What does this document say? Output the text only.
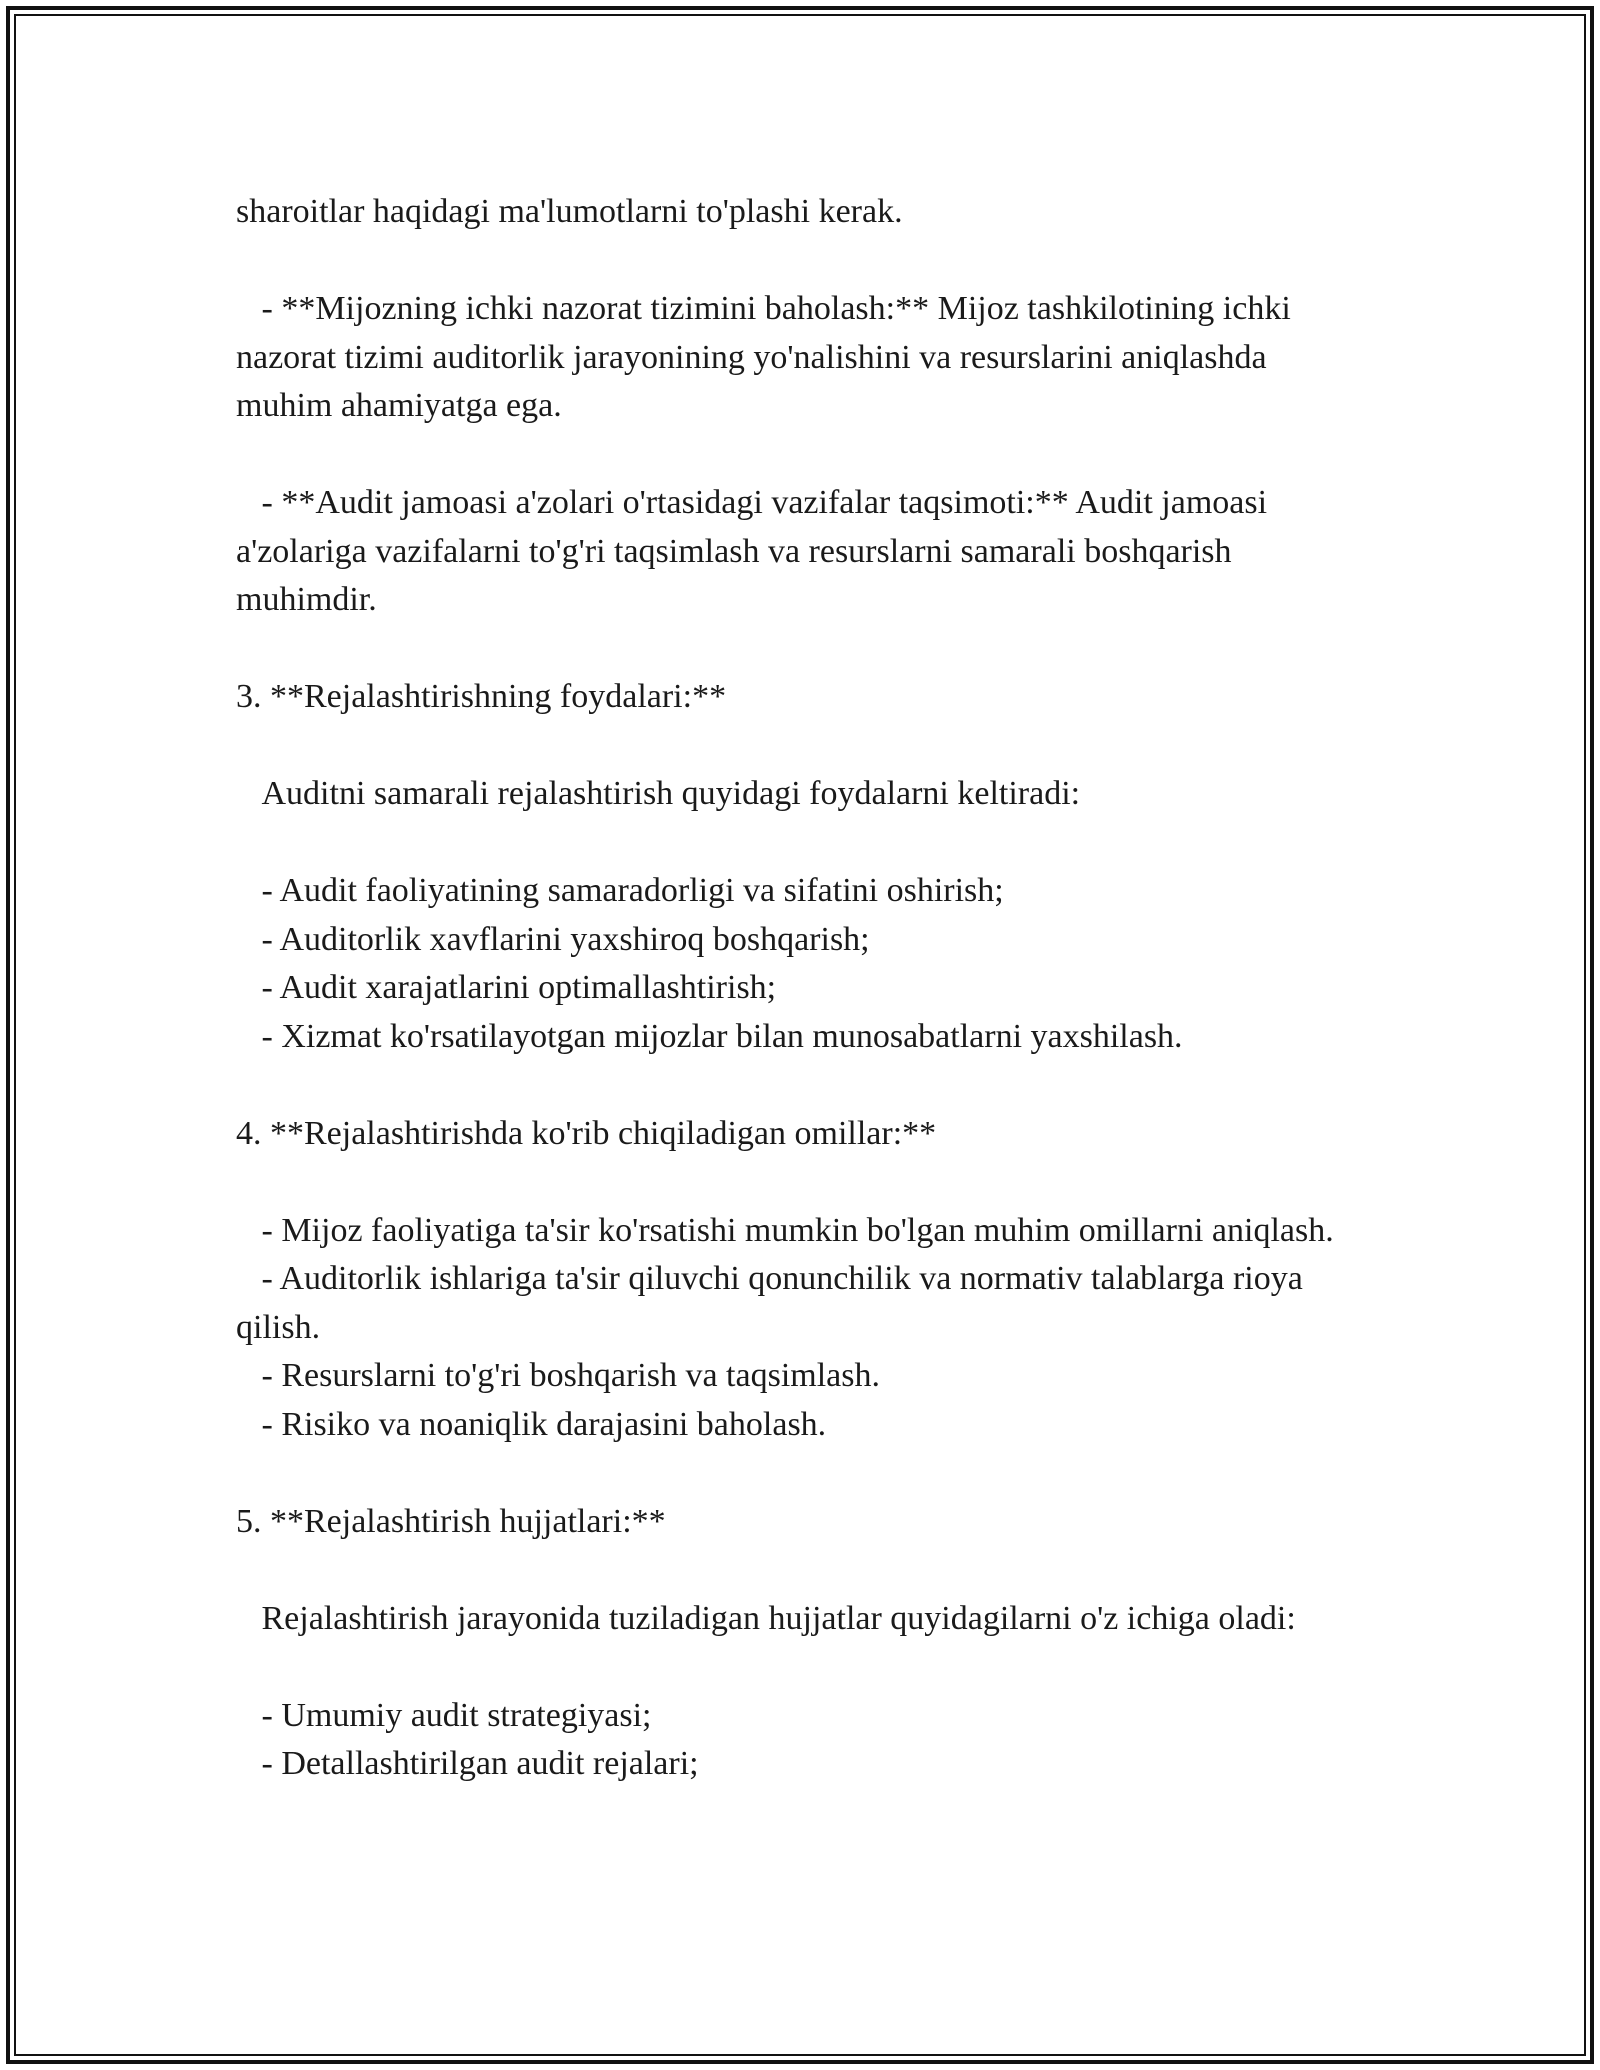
sharoitlar haqidagi ma'lumotlarni to'plashi kerak.

- **Mijozning ichki nazorat tizimini baholash:** Mijoz tashkilotining ichki nazorat tizimi auditorlik jarayonining yo'nalishini va resurslarini aniqlashda muhim ahamiyatga ega.

- **Audit jamoasi a'zolari o'rtasidagi vazifalar taqsimoti:** Audit jamoasi a'zolariga vazifalarni to'g'ri taqsimlash va resurslarni samarali boshqarish muhimdir.

3. **Rejalashtirishning foydalari:**

Auditni samarali rejalashtirish quyidagi foydalarni keltiradi:

- Audit faoliyatining samaradorligi va sifatini oshirish;

- Auditorlik xavflarini yaxshiroq boshqarish;

- Audit xarajatlarini optimallashtirish;

- Xizmat ko'rsatilayotgan mijozlar bilan munosabatlarni yaxshilash.

4. **Rejalashtirishda ko'rib chiqiladigan omillar:**

- Mijoz faoliyatiga ta'sir ko'rsatishi mumkin bo'lgan muhim omillarni aniqlash.

- Auditorlik ishlariga ta'sir qiluvchi qonunchilik va normativ talablarga rioya qilish.

- Resurslarni to'g'ri boshqarish va taqsimlash.

- Risiko va noaniqlik darajasini baholash.

5. **Rejalashtirish hujjatlari:**

Rejalashtirish jarayonida tuziladigan hujjatlar quyidagilarni o'z ichiga oladi:

- Umumiy audit strategiyasi;

- Detallashtirilgan audit rejalari;
